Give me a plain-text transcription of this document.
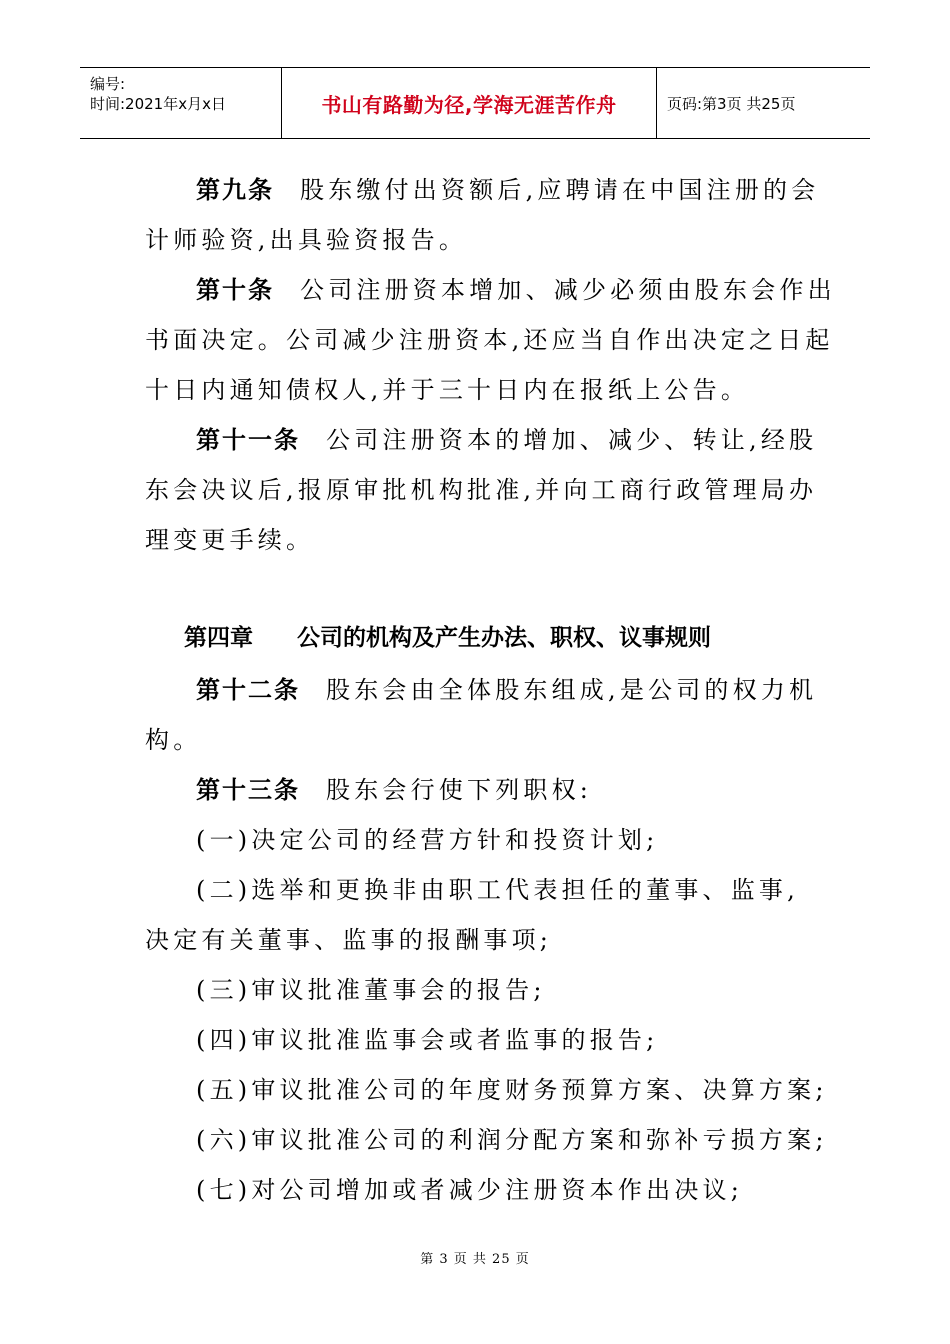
编号:
时间:2021年x月x日	书山有路勤为径,学海无涯苦作舟	页码:第3页 共25页
第九条 股东缴付出资额后,应聘请在中国注册的会
计师验资,出具验资报告。
第十条 公司注册资本增加、减少必须由股东会作出
书面决定。公司减少注册资本,还应当自作出决定之日起
十日内通知债权人,并于三十日内在报纸上公告。
第十一条 公司注册资本的增加、减少、转让,经股
东会决议后,报原审批机构批准,并向工商行政管理局办
理变更手续。
第四章 公司的机构及产生办法、职权、议事规则
第十二条 股东会由全体股东组成,是公司的权力机
构。
第十三条 股东会行使下列职权:
(一)决定公司的经营方针和投资计划;
(二)选举和更换非由职工代表担任的董事、监事,
决定有关董事、监事的报酬事项;
(三)审议批准董事会的报告;
(四)审议批准监事会或者监事的报告;
(五)审议批准公司的年度财务预算方案、决算方案;
(六)审议批准公司的利润分配方案和弥补亏损方案;
(七)对公司增加或者减少注册资本作出决议;
第 3 页 共 25 页
